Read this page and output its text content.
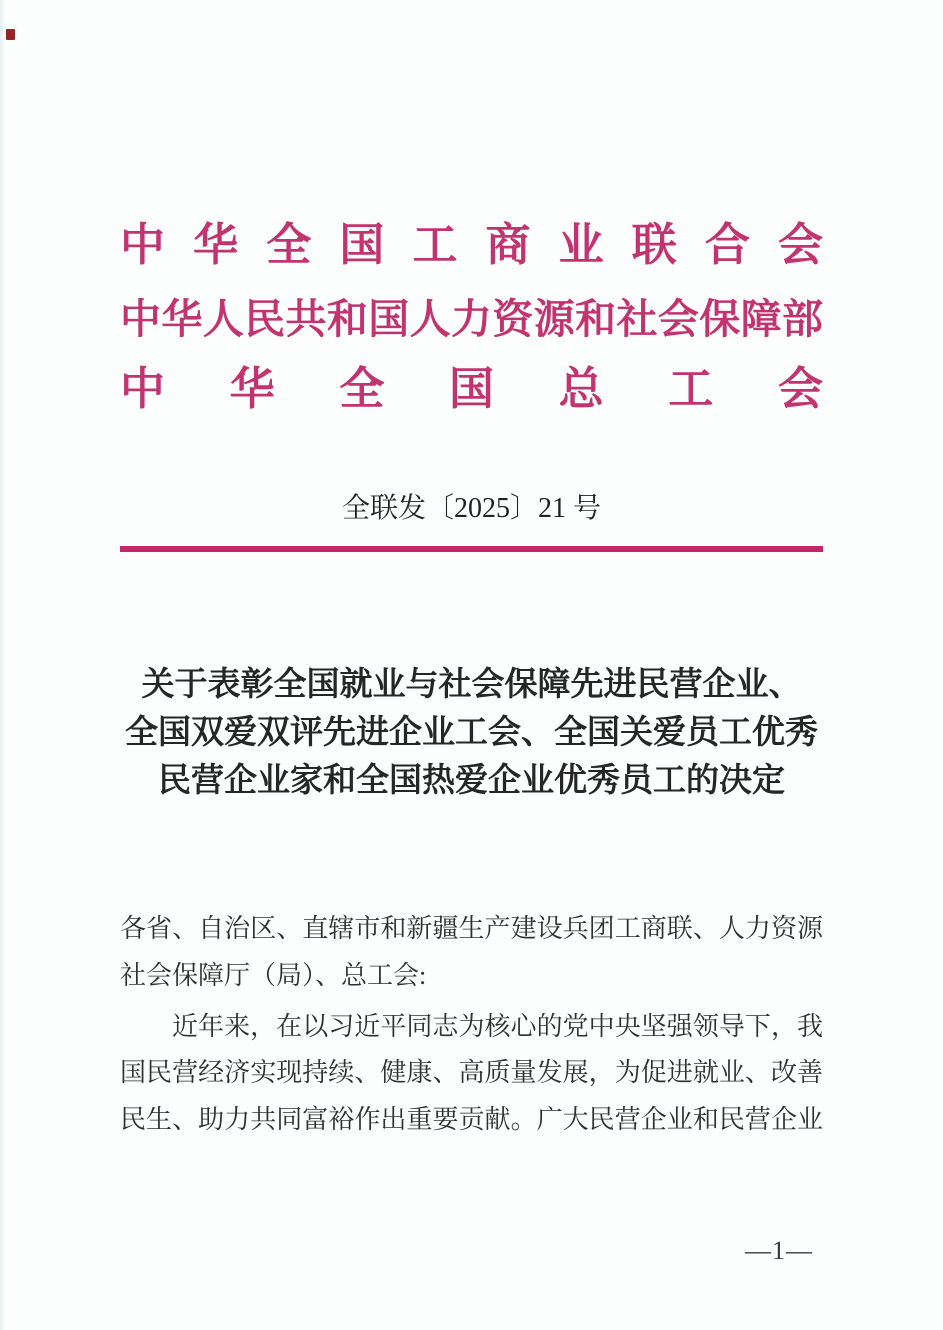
中华全国工商业联合会
中华人民共和国人力资源和社会保障部
中华全国总工会
全联发〔2025〕21 号
关于表彰全国就业与社会保障先进民营企业、
全国双爱双评先进企业工会、全国关爱员工优秀
民营企业家和全国热爱企业优秀员工的决定
各省、自治区、直辖市和新疆生产建设兵团工商联、人力资源
社会保障厅（局）、总工会:
近年来，在以习近平同志为核心的党中央坚强领导下，我
国民营经济实现持续、健康、高质量发展，为促进就业、改善
民生、助力共同富裕作出重要贡献。广大民营企业和民营企业
—1—
